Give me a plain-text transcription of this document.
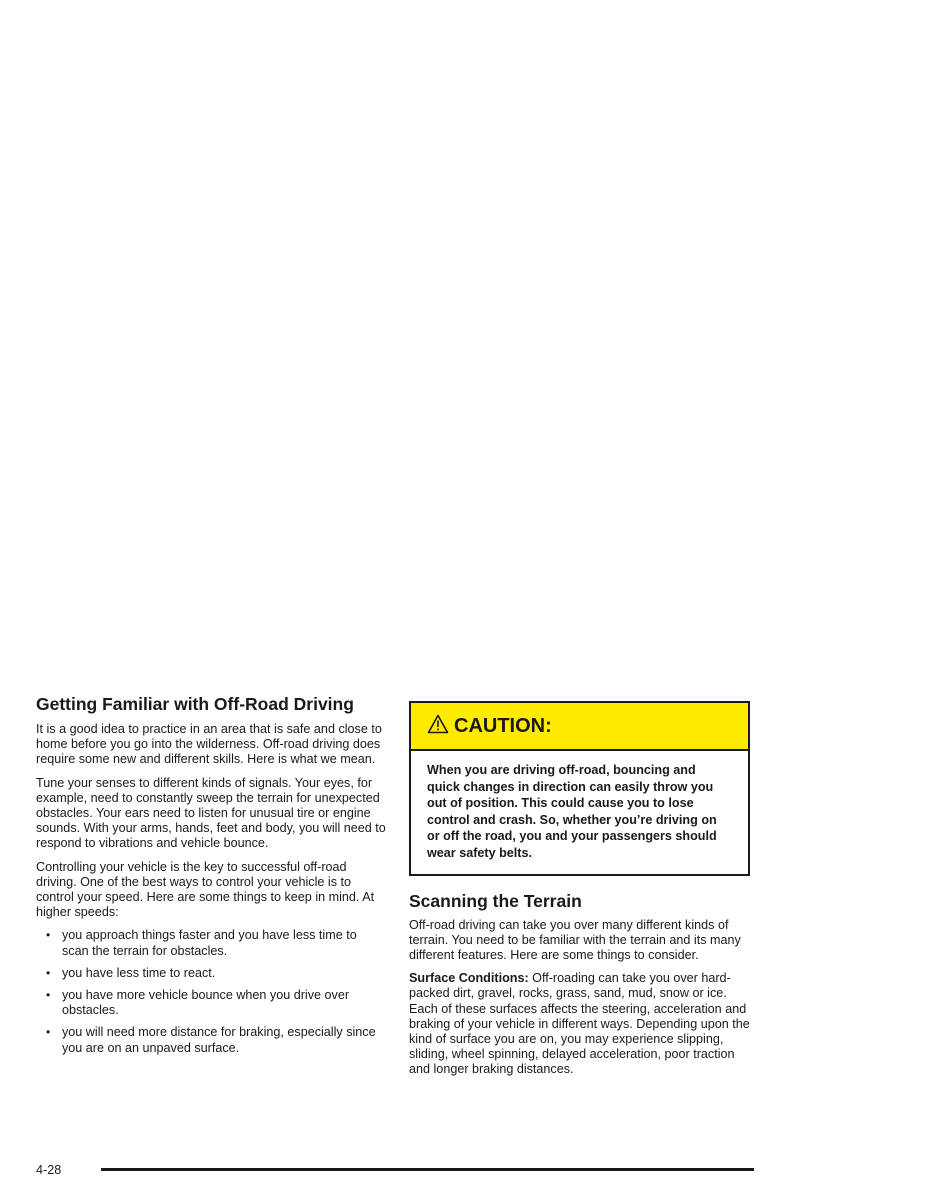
Getting Familiar with Off-Road Driving

It is a good idea to practice in an area that is safe and close to home before you go into the wilderness. Off-road driving does require some new and different skills. Here is what we mean.

Tune your senses to different kinds of signals. Your eyes, for example, need to constantly sweep the terrain for unexpected obstacles. Your ears need to listen for unusual tire or engine sounds. With your arms, hands, feet and body, you will need to respond to vibrations and vehicle bounce.

Controlling your vehicle is the key to successful off-road driving. One of the best ways to control your vehicle is to control your speed. Here are some things to keep in mind. At higher speeds:

• you approach things faster and you have less time to scan the terrain for obstacles.
• you have less time to react.
• you have more vehicle bounce when you drive over obstacles.
• you will need more distance for braking, especially since you are on an unpaved surface.
CAUTION:
When you are driving off-road, bouncing and quick changes in direction can easily throw you out of position. This could cause you to lose control and crash. So, whether you’re driving on or off the road, you and your passengers should wear safety belts.
Scanning the Terrain

Off-road driving can take you over many different kinds of terrain. You need to be familiar with the terrain and its many different features. Here are some things to consider.

Surface Conditions: Off-roading can take you over hard-packed dirt, gravel, rocks, grass, sand, mud, snow or ice. Each of these surfaces affects the steering, acceleration and braking of your vehicle in different ways. Depending upon the kind of surface you are on, you may experience slipping, sliding, wheel spinning, delayed acceleration, poor traction and longer braking distances.

4-28
